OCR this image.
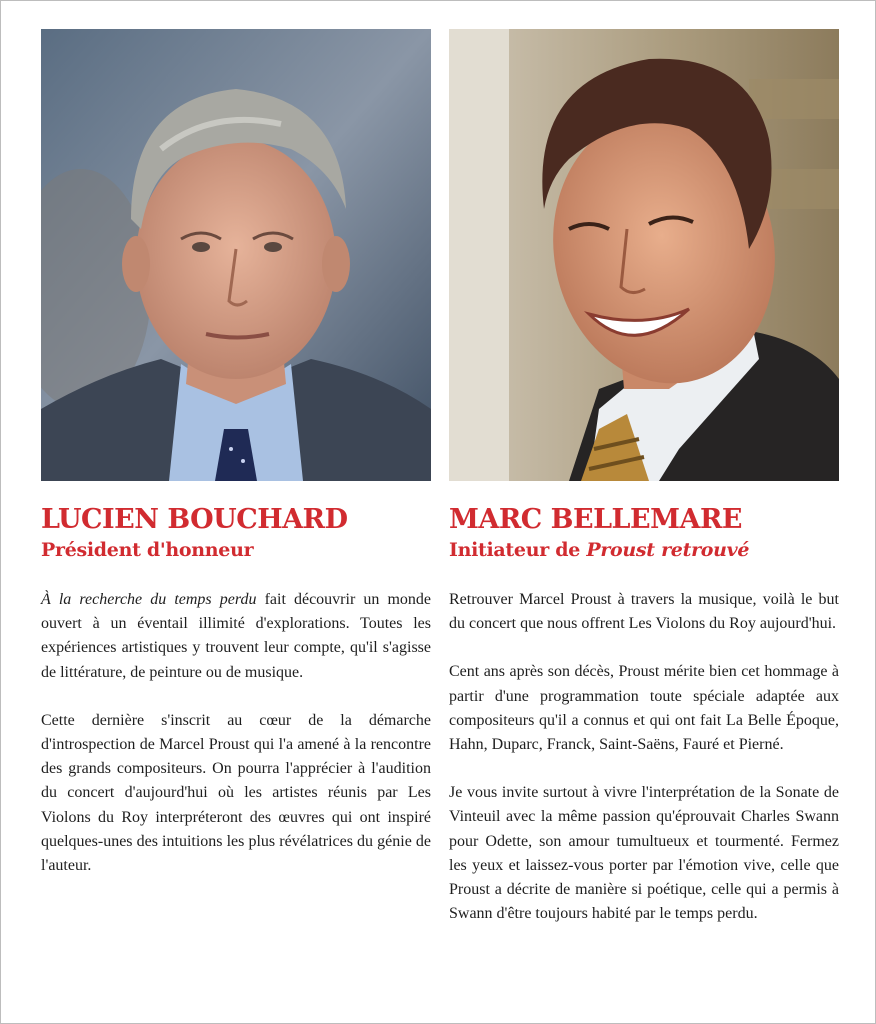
LUCIEN BOUCHARD
Président d'honneur

À la recherche du temps perdu fait découvrir un monde ouvert à un éventail illimité d'explorations. Toutes les expériences artistiques y trouvent leur compte, qu'il s'agisse de littérature, de peinture ou de musique.

Cette dernière s'inscrit au cœur de la démarche d'introspection de Marcel Proust qui l'a amené à la rencontre des grands compositeurs. On pourra l'apprécier à l'audition du concert d'aujourd'hui où les artistes réunis par Les Violons du Roy interpréteront des œuvres qui ont inspiré quelques-unes des intuitions les plus révélatrices du génie de l'auteur.

MARC BELLEMARE
Initiateur de Proust retrouvé

Retrouver Marcel Proust à travers la musique, voilà le but du concert que nous offrent Les Violons du Roy aujourd'hui.

Cent ans après son décès, Proust mérite bien cet hommage à partir d'une programmation toute spéciale adaptée aux compositeurs qu'il a connus et qui ont fait La Belle Époque, Hahn, Duparc, Franck, Saint-Saëns, Fauré et Pierné.

Je vous invite surtout à vivre l'interprétation de la Sonate de Vinteuil avec la même passion qu'éprouvait Charles Swann pour Odette, son amour tumultueux et tourmenté. Fermez les yeux et laissez-vous porter par l'émotion vive, celle que Proust a décrite de manière si poétique, celle qui a permis à Swann d'être toujours habité par le temps perdu.
